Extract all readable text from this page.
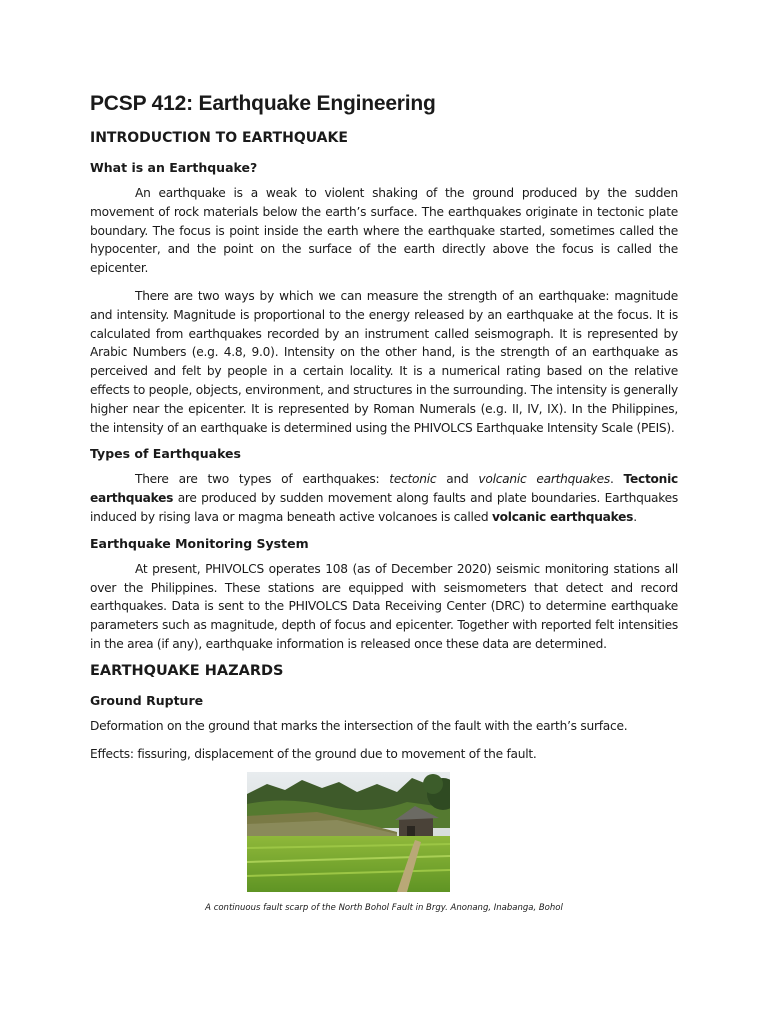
PCSP 412: Earthquake Engineering
INTRODUCTION TO EARTHQUAKE
What is an Earthquake?

An earthquake is a weak to violent shaking of the ground produced by the sudden movement of rock materials below the earth’s surface. The earthquakes originate in tectonic plate boundary. The focus is point inside the earth where the earthquake started, sometimes called the hypocenter, and the point on the surface of the earth directly above the focus is called the epicenter.

There are two ways by which we can measure the strength of an earthquake: magnitude and intensity. Magnitude is proportional to the energy released by an earthquake at the focus. It is calculated from earthquakes recorded by an instrument called seismograph. It is represented by Arabic Numbers (e.g. 4.8, 9.0). Intensity on the other hand, is the strength of an earthquake as perceived and felt by people in a certain locality. It is a numerical rating based on the relative effects to people, objects, environment, and structures in the surrounding. The intensity is generally higher near the epicenter. It is represented by Roman Numerals (e.g. II, IV, IX). In the Philippines, the intensity of an earthquake is determined using the PHIVOLCS Earthquake Intensity Scale (PEIS).

Types of Earthquakes

There are two types of earthquakes: tectonic and volcanic earthquakes. Tectonic earthquakes are produced by sudden movement along faults and plate boundaries. Earthquakes induced by rising lava or magma beneath active volcanoes is called volcanic earthquakes.

Earthquake Monitoring System

At present, PHIVOLCS operates 108 (as of December 2020) seismic monitoring stations all over the Philippines. These stations are equipped with seismometers that detect and record earthquakes. Data is sent to the PHIVOLCS Data Receiving Center (DRC) to determine earthquake parameters such as magnitude, depth of focus and epicenter. Together with reported felt intensities in the area (if any), earthquake information is released once these data are determined.

EARTHQUAKE HAZARDS
Ground Rupture

Deformation on the ground that marks the intersection of the fault with the earth’s surface.

Effects: fissuring, displacement of the ground due to movement of the fault.

A continuous fault scarp of the North Bohol Fault in Brgy. Anonang, Inabanga, Bohol
